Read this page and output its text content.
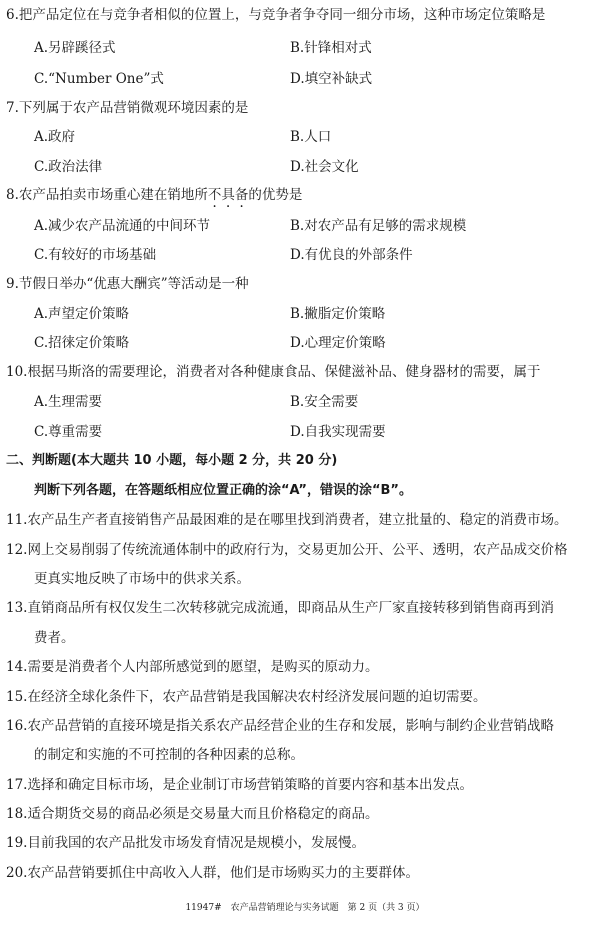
6.把产品定位在与竞争者相似的位置上，与竞争者争夺同一细分市场，这种市场定位策略是
A.另辟蹊径式	B.针锋相对式
C.“Number One”式	D.填空补缺式
7.下列属于农产品营销微观环境因素的是
A.政府	B.人口
C.政治法律	D.社会文化
8.农产品拍卖市场重心建在销地所不具备的优势是
A.减少农产品流通的中间环节	B.对农产品有足够的需求规模
C.有较好的市场基础	D.有优良的外部条件
9.节假日举办“优惠大酬宾”等活动是一种
A.声望定价策略	B.撇脂定价策略
C.招徕定价策略	D.心理定价策略
10.根据马斯洛的需要理论，消费者对各种健康食品、保健滋补品、健身器材的需要，属于
A.生理需要	B.安全需要
C.尊重需要	D.自我实现需要
二、判断题(本大题共 10 小题，每小题 2 分，共 20 分)
判断下列各题，在答题纸相应位置正确的涂“A”，错误的涂“B”。
11.农产品生产者直接销售产品最困难的是在哪里找到消费者，建立批量的、稳定的消费市场。
12.网上交易削弱了传统流通体制中的政府行为，交易更加公开、公平、透明，农产品成交价格
更真实地反映了市场中的供求关系。
13.直销商品所有权仅发生二次转移就完成流通，即商品从生产厂家直接转移到销售商再到消
费者。
14.需要是消费者个人内部所感觉到的愿望，是购买的原动力。
15.在经济全球化条件下，农产品营销是我国解决农村经济发展问题的迫切需要。
16.农产品营销的直接环境是指关系农产品经营企业的生存和发展，影响与制约企业营销战略
的制定和实施的不可控制的各种因素的总称。
17.选择和确定目标市场，是企业制订市场营销策略的首要内容和基本出发点。
18.适合期货交易的商品必须是交易量大而且价格稳定的商品。
19.目前我国的农产品批发市场发育情况是规模小，发展慢。
20.农产品营销要抓住中高收入人群，他们是市场购买力的主要群体。
11947#　农产品营销理论与实务试题　第 2 页（共 3 页）
